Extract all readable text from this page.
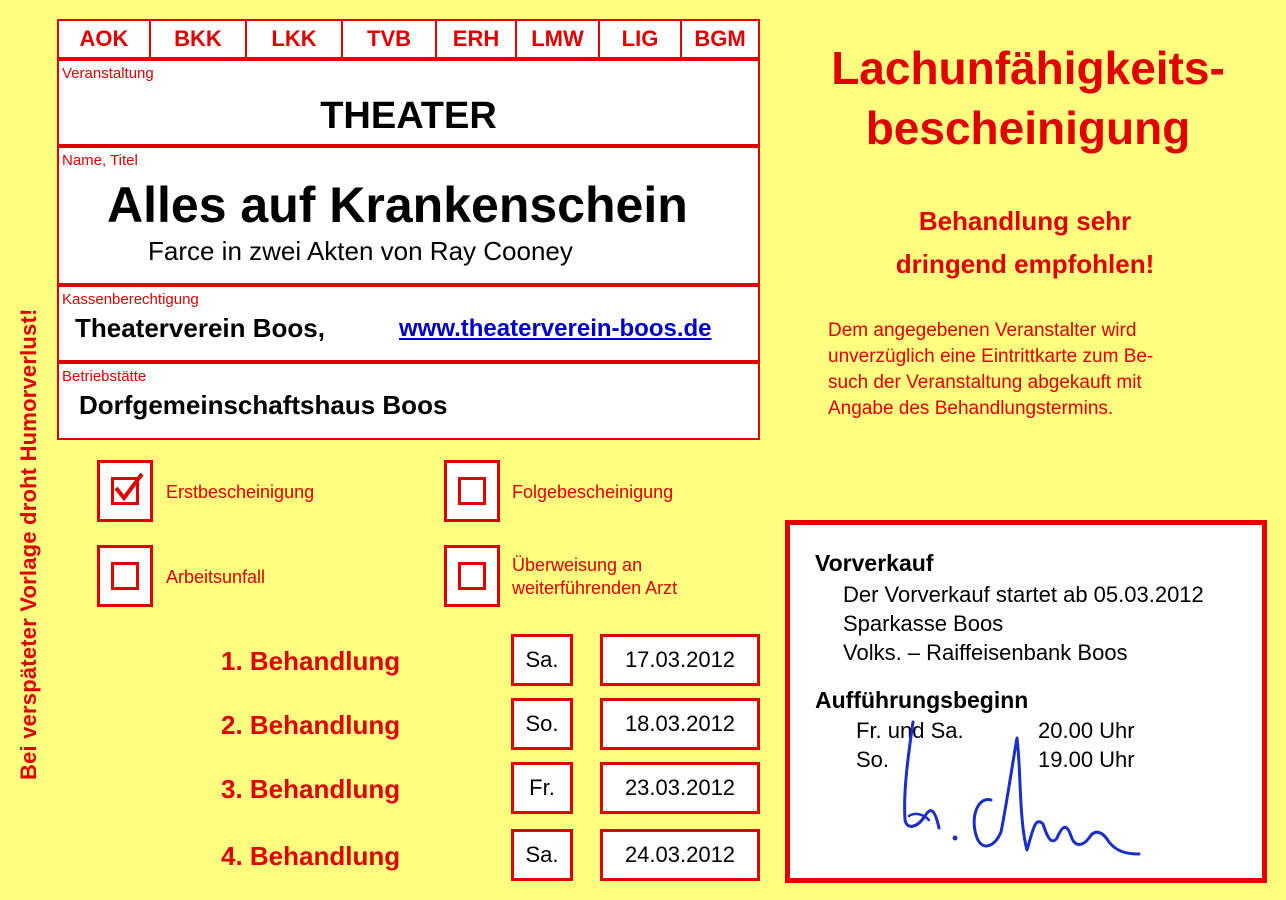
Bei verspäteter Vorlage droht Humorverlust!
AOK	BKK	LKK	TVB	ERH	LMW	LIG	BGM
Veranstaltung
THEATER
Name, Titel
Alles auf Krankenschein
Farce in zwei Akten von Ray Cooney
Kassenberechtigung
Theaterverein Boos,	www.theaterverein-boos.de
Betriebstätte
Dorfgemeinschaftshaus Boos
Erstbescheinigung	Folgebescheinigung
Arbeitsunfall
Überweisung an
weiterführenden Arzt
1. Behandlung	Sa.	17.03.2012
2. Behandlung	So.	18.03.2012
3. Behandlung	Fr.	23.03.2012
4. Behandlung	Sa.	24.03.2012
Lachunfähigkeits-
bescheinigung
Behandlung sehr
dringend empfohlen!
Dem angegebenen Veranstalter wird
unverzüglich eine Eintrittkarte zum Be-
such der Veranstaltung abgekauft mit
Angabe des Behandlungstermins.
Vorverkauf
Der Vorverkauf startet ab 05.03.2012
Sparkasse Boos
Volks. – Raiffeisenbank Boos
Aufführungsbeginn
Fr. und Sa.	20.00 Uhr
So.	19.00 Uhr
